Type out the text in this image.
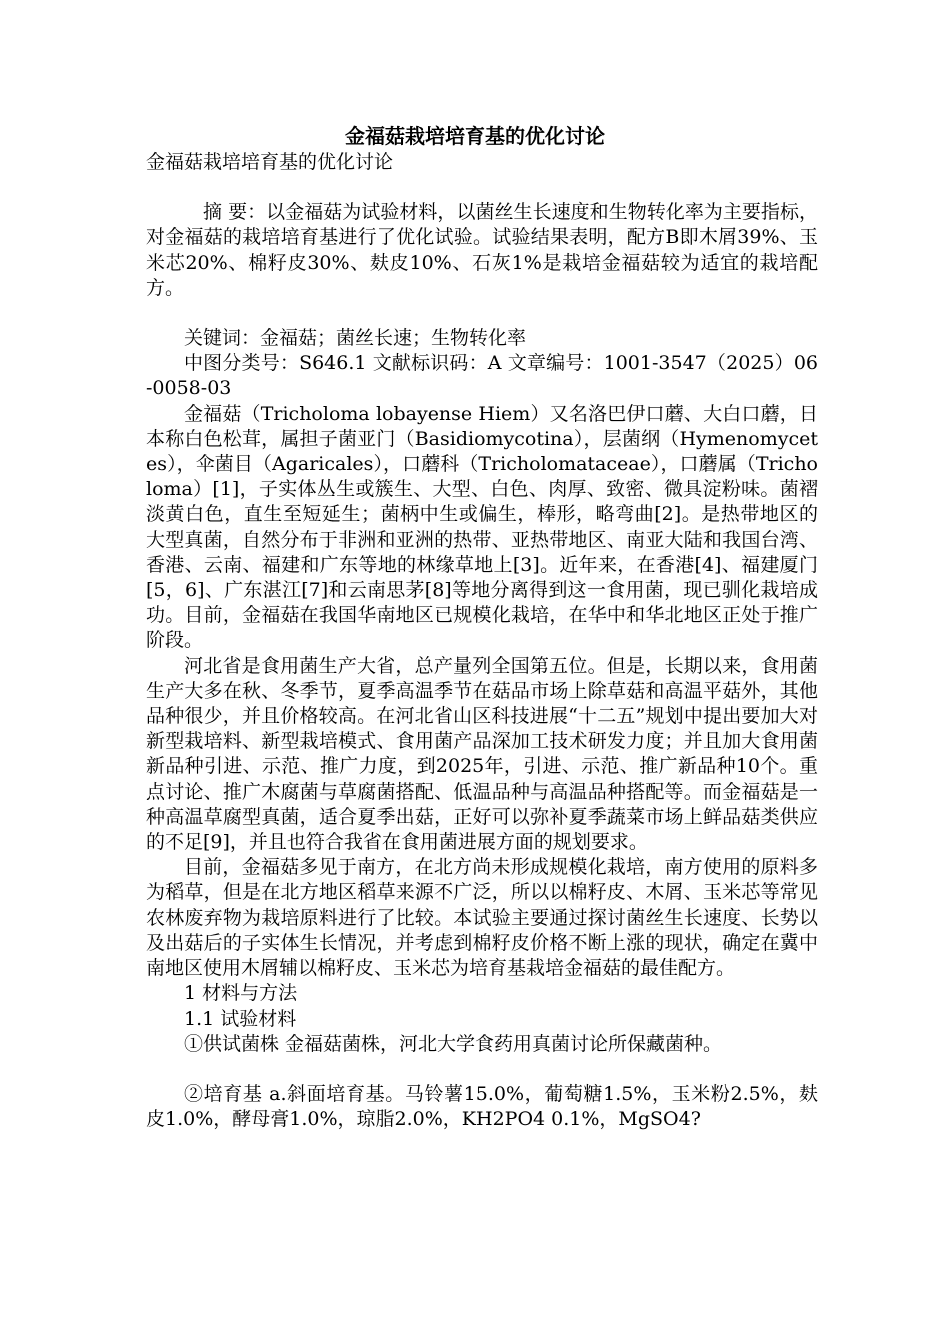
金福菇栽培培育基的优化讨论

金福菇栽培培育基的优化讨论

摘 要：以金福菇为试验材料，以菌丝生长速度和生物转化率为主要指标，对金福菇的栽培培育基进行了优化试验。试验结果表明，配方B即木屑39%、玉米芯20%、棉籽皮30%、麸皮10%、石灰1%是栽培金福菇较为适宜的栽培配方。

关键词：金福菇；菌丝长速；生物转化率

中图分类号：S646.1 文献标识码：A 文章编号：1001-3547（2025）06-0058-03

金福菇（Tricholoma lobayense Hiem）又名洛巴伊口蘑、大白口蘑，日本称白色松茸，属担子菌亚门（Basidiomycotina），层菌纲（Hymenomycetes），伞菌目（Agaricales），口蘑科（Tricholomataceae），口蘑属（Tricholoma）[1]，子实体丛生或簇生、大型、白色、肉厚、致密、微具淀粉味。菌褶淡黄白色，直生至短延生；菌柄中生或偏生，棒形，略弯曲[2]。是热带地区的大型真菌，自然分布于非洲和亚洲的热带、亚热带地区、南亚大陆和我国台湾、香港、云南、福建和广东等地的林缘草地上[3]。近年来，在香港[4]、福建厦门[5，6]、广东湛江[7]和云南思茅[8]等地分离得到这一食用菌，现已驯化栽培成功。目前，金福菇在我国华南地区已规模化栽培，在华中和华北地区正处于推广阶段。

河北省是食用菌生产大省，总产量列全国第五位。但是，长期以来，食用菌生产大多在秋、冬季节，夏季高温季节在菇品市场上除草菇和高温平菇外，其他品种很少，并且价格较高。在河北省山区科技进展“十二五”规划中提出要加大对新型栽培料、新型栽培模式、食用菌产品深加工技术研发力度；并且加大食用菌新品种引进、示范、推广力度，到2025年，引进、示范、推广新品种10个。重点讨论、推广木腐菌与草腐菌搭配、低温品种与高温品种搭配等。而金福菇是一种高温草腐型真菌，适合夏季出菇，正好可以弥补夏季蔬菜市场上鲜品菇类供应的不足[9]，并且也符合我省在食用菌进展方面的规划要求。

目前，金福菇多见于南方，在北方尚未形成规模化栽培，南方使用的原料多为稻草，但是在北方地区稻草来源不广泛，所以以棉籽皮、木屑、玉米芯等常见农林废弃物为栽培原料进行了比较。本试验主要通过探讨菌丝生长速度、长势以及出菇后的子实体生长情况，并考虑到棉籽皮价格不断上涨的现状，确定在冀中南地区使用木屑辅以棉籽皮、玉米芯为培育基栽培金福菇的最佳配方。

1 材料与方法

1.1 试验材料

①供试菌株 金福菇菌株，河北大学食药用真菌讨论所保藏菌种。

②培育基 a.斜面培育基。马铃薯15.0%，葡萄糖1.5%，玉米粉2.5%，麸皮1.0%，酵母膏1.0%，琼脂2.0%，KH2PO4 0.1%，MgSO4?
